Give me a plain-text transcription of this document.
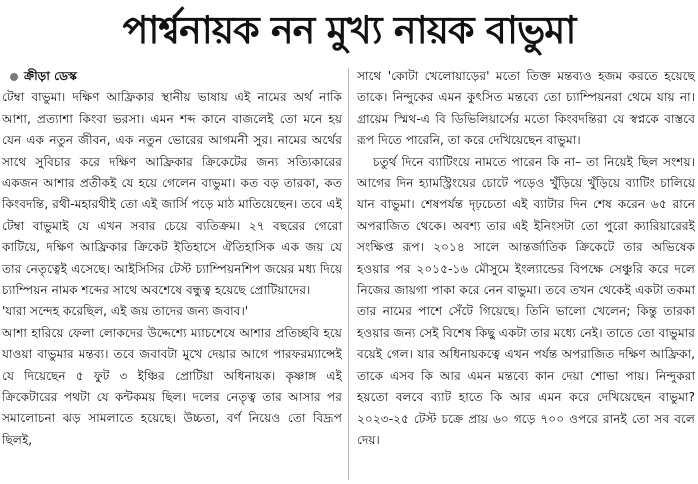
পার্শ্বনায়ক নন মুখ্য নায়ক বাভুমা
ক্রীড়া ডেস্ক

টেম্বা বাভুমা। দক্ষিণ আফ্রিকার স্থানীয় ভাষায় এই নামের অর্থ নাকি আশা, প্রত্যাশা কিংবা ভরসা। এমন শব্দ কানে বাজলেই তো মনে হয় যেন এক নতুন জীবন, এক নতুন ভোরের আগমনী সুর। নামের অর্থের সাথে সুবিচার করে দক্ষিণ আফ্রিকার ক্রিকেটের জন্য সত্যিকারের একজন আশার প্রতীকই যে হয়ে গেলেন বাভুমা। কত বড় তারকা, কত কিংবদন্তি, রথী-মহারথীই তো এই জার্সি পড়ে মাঠ মাতিয়েছেন। তবে এই টেম্বা বাভুমাই যে এখন সবার চেয়ে ব্যতিক্রম। ২৭ বছরের গেরো কাটিয়ে, দক্ষিণ আফ্রিকার ক্রিকেট ইতিহাসে ঐতিহাসিক এক জয় যে তার নেতৃত্বেই এসেছে। আইসিসির টেস্ট চ্যাম্পিয়নশিপ জয়ের মধ্য দিয়ে চ্যাম্পিয়ন নামক শব্দের সাথে অবশেষে বন্ধুত্ব হয়েছে প্রোটিয়াদের।

'যারা সন্দেহ করেছিল, এই জয় তাদের জন্য জবাব।'

আশা হারিয়ে ফেলা লোকদের উদ্দেশ্যে ম্যাচশেষে আশার প্রতিচ্ছবি হয়ে যাওয়া বাভুমার মন্তব্য। তবে জবাবটা মুখে দেয়ার আগে পারফরম্যান্সেই যে দিয়েছেন ৫ ফুট ৩ ইঞ্চির প্রোটিয়া অধিনায়ক। কৃষ্ণাঙ্গ এই ক্রিকেটারের পথটা যে কন্টকময় ছিল। দলের নেতৃত্ব তার আসার পর সমালোচনা ঝড় সামলাতে হয়েছে। উচ্চতা, বর্ণ নিয়েও তো বিদ্রূপ ছিলই,

সাথে 'কোটা খেলোয়াড়ের' মতো তিক্ত মন্তব্যও হজম করতে হয়েছে তাকে। নিন্দুকের এমন কুৎসিত মন্তব্যে তো চ্যাম্পিয়নরা থেমে যায় না। গ্রায়েম স্মিথ-এ বি ডিভিলিয়ার্সের মতো কিংবদন্তিরা যে স্বপ্নকে বাস্তবে রূপ দিতে পারেনি, তা করে দেখিয়েছেন বাভুমা।

চতুর্থ দিনে ব্যাটিংয়ে নামতে পারেন কি না– তা নিয়েই ছিল সংশয়। আগের দিন হ্যামস্ট্রিংয়ের চোটে পড়েও খুঁড়িয়ে খুঁড়িয়ে ব্যাটিং চালিয়ে যান বাভুমা। শেষপর্যন্ত দৃঢ়চেতা এই ব্যাটার দিন শেষ করেন ৬৫ রানে অপরাজিত থেকে। অবশ্য তার এই ইনিংসটা তো পুরো ক্যারিয়ারেরই সংক্ষিপ্ত রূপ। ২০১৪ সালে আন্তর্জাতিক ক্রিকেটে তার অভিষেক হওয়ার পর ২০১৫-১৬ মৌসুমে ইংল্যান্ডের বিপক্ষে সেঞ্চুরি করে দলে নিজের জায়গা পাকা করে নেন বাভুমা। তবে তখন থেকেই একটা তকমা তার নামের পাশে সেঁটে গিয়েছে। তিনি ভালো খেলেন; কিন্তু তারকা হওয়ার জন্য সেই বিশেষ কিছু একটা তার মধ্যে নেই। তাতে তো বাভুমার বয়েই গেল। যার অধিনায়কত্বে এখন পর্যন্ত অপরাজিত দক্ষিণ আফ্রিকা, তাকে এসব কি আর এমন মন্তব্যে কান দেয়া শোভা পায়। নিন্দুকরা হয়তো বলবে ব্যাট হাতে কি আর এমন করে দেখিয়েছেন বাভুমা? ২০২৩-২৫ টেস্ট চক্রে প্রায় ৬০ গড়ে ৭০০ ওপরে রানই তো সব বলে দেয়।
